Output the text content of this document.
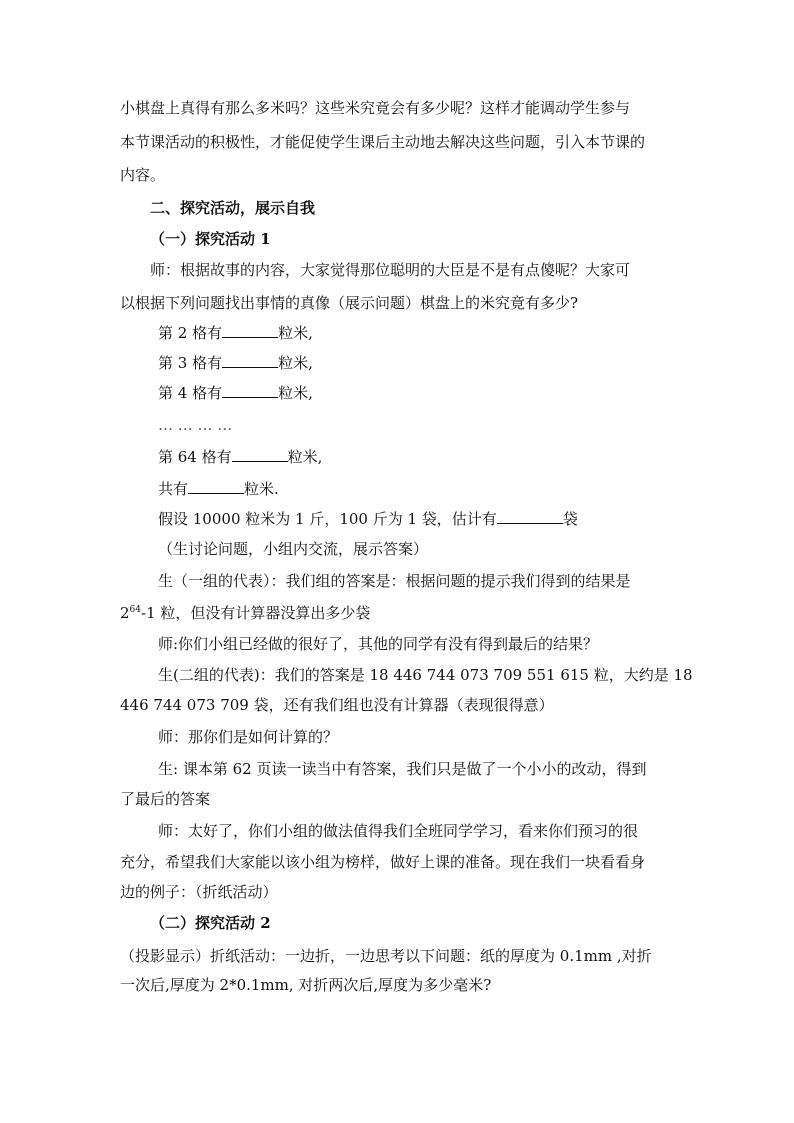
小棋盘上真得有那么多米吗？这些米究竟会有多少呢？这样才能调动学生参与
本节课活动的积极性，才能促使学生课后主动地去解决这些问题，引入本节课的
内容。
二、探究活动，展示自我
（一）探究活动 1
师：根据故事的内容，大家觉得那位聪明的大臣是不是有点傻呢？大家可
以根据下列问题找出事情的真像（展示问题）棋盘上的米究竟有多少?
第 2 格有	粒米,
第 3 格有	粒米,
第 4 格有	粒米,
… … … …
第 64 格有	粒米,
共有	粒米.
假设 10000 粒米为 1 斤，100 斤为 1 袋，估计有	袋
（生讨论问题，小组内交流，展示答案）
生（一组的代表）：我们组的答案是：根据问题的提示我们得到的结果是
$2^{64}-1$ 粒，但没有计算器没算出多少袋
师:你们小组已经做的很好了，其他的同学有没有得到最后的结果？
生(二组的代表)：我们的答案是 18 446 744 073 709 551 615 粒，大约是 18
446 744 073 709 袋，还有我们组也没有计算器（表现很得意）
师：那你们是如何计算的？
生: 课本第 62 页读一读当中有答案，我们只是做了一个小小的改动，得到
了最后的答案
师：太好了，你们小组的做法值得我们全班同学学习，看来你们预习的很
充分，希望我们大家能以该小组为榜样，做好上课的准备。现在我们一块看看身
边的例子：（折纸活动）
（二）探究活动 2
（投影显示）折纸活动：一边折，一边思考以下问题：纸的厚度为 0.1mm ,对折
一次后,厚度为 2*0.1mm, 对折两次后,厚度为多少毫米?
